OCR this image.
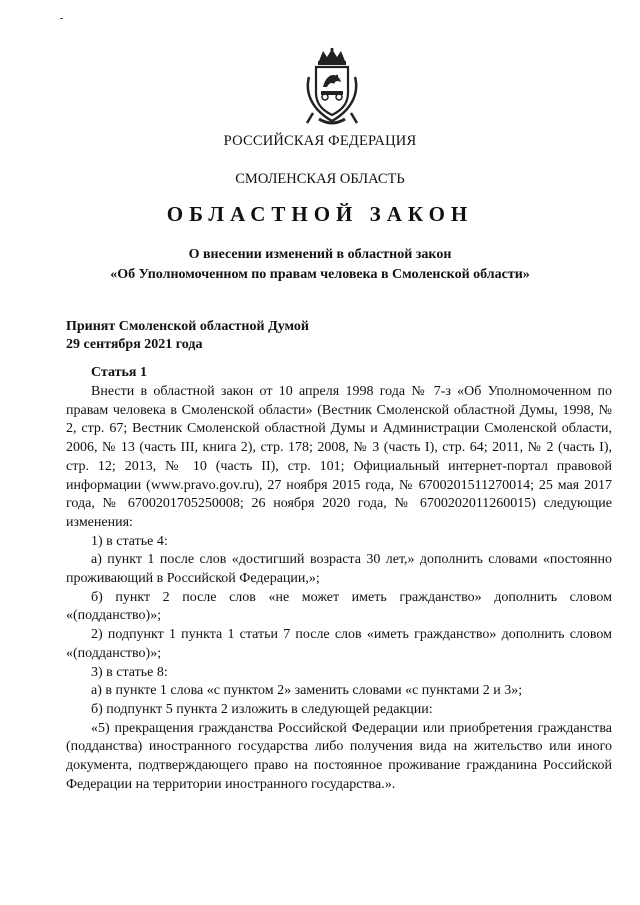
РОССИЙСКАЯ ФЕДЕРАЦИЯ
СМОЛЕНСКАЯ ОБЛАСТЬ
ОБЛАСТНОЙ ЗАКОН
О внесении изменений в областной закон
«Об Уполномоченном по правам человека в Смоленской области»
Принят Смоленской областной Думой
29 сентября 2021 года
Статья 1

Внести в областной закон от 10 апреля 1998 года № 7-з «Об Уполномоченном по правам человека в Смоленской области» (Вестник Смоленской областной Думы, 1998, № 2, стр. 67; Вестник Смоленской областной Думы и Администрации Смоленской области, 2006, № 13 (часть III, книга 2), стр. 178; 2008, № 3 (часть I), стр. 64; 2011, № 2 (часть I), стр. 12; 2013, № 10 (часть II), стр. 101; Официальный интернет-портал правовой информации (www.pravo.gov.ru), 27 ноября 2015 года, № 6700201511270014; 25 мая 2017 года, № 6700201705250008; 26 ноября 2020 года, № 6700202011260015) следующие изменения:

1) в статье 4:

а) пункт 1 после слов «достигший возраста 30 лет,» дополнить словами «постоянно проживающий в Российской Федерации,»;

б) пункт 2 после слов «не может иметь гражданство» дополнить словом «(подданство)»;

2) подпункт 1 пункта 1 статьи 7 после слов «иметь гражданство» дополнить словом «(подданство)»;

3) в статье 8:

а) в пункте 1 слова «с пунктом 2» заменить словами «с пунктами 2 и 3»;

б) подпункт 5 пункта 2 изложить в следующей редакции:

«5) прекращения гражданства Российской Федерации или приобретения гражданства (подданства) иностранного государства либо получения вида на жительство или иного документа, подтверждающего право на постоянное проживание гражданина Российской Федерации на территории иностранного государства.».
